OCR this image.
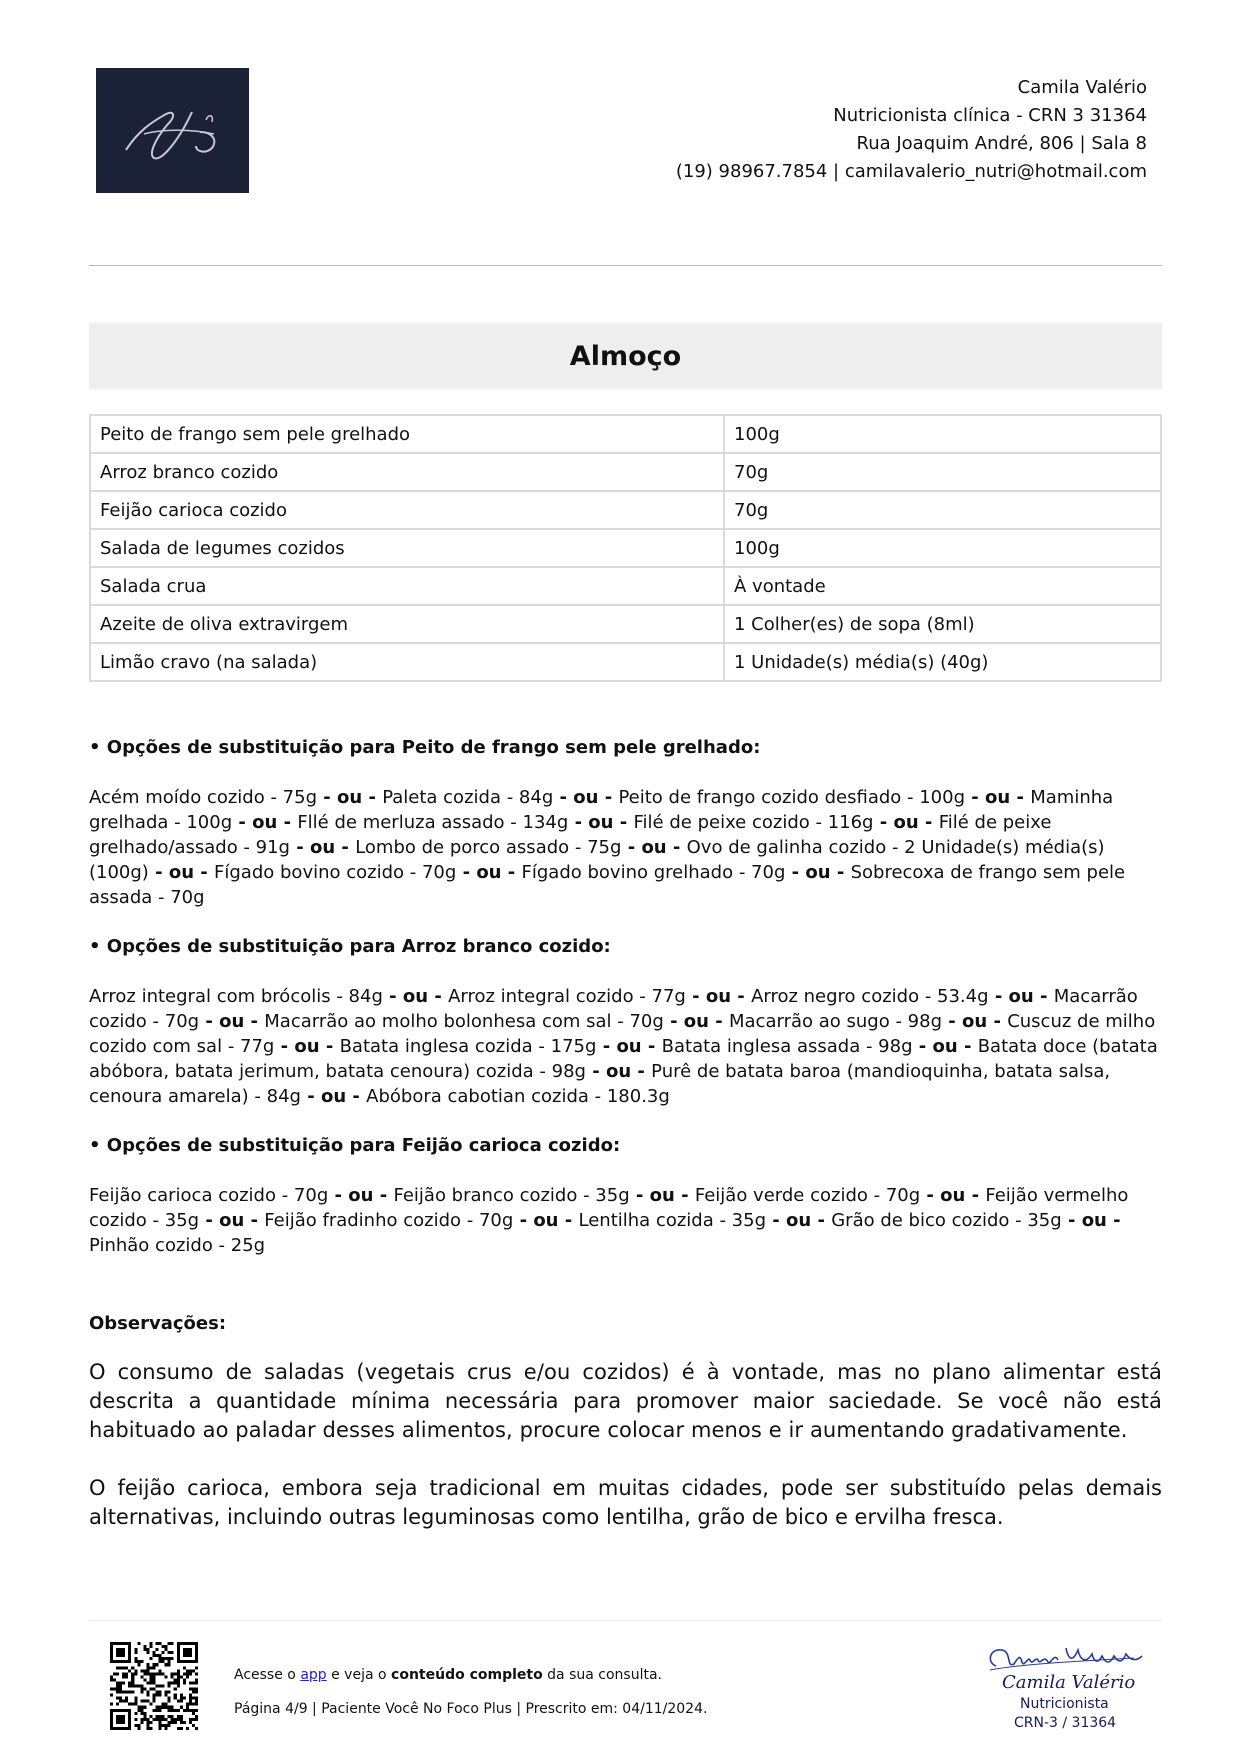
Camila Valério
Nutricionista clínica - CRN 3 31364
Rua Joaquim André, 806 | Sala 8
(19) 98967.7854 | camilavalerio_nutri@hotmail.com
Almoço
Peito de frango sem pele grelhado	100g
Arroz branco cozido	70g
Feijão carioca cozido	70g
Salada de legumes cozidos	100g
Salada crua	À vontade
Azeite de oliva extravirgem	1 Colher(es) de sopa (8ml)
Limão cravo (na salada)	1 Unidade(s) média(s) (40g)
• Opções de substituição para Peito de frango sem pele grelhado:
Acém moído cozido - 75g - ou - Paleta cozida - 84g - ou - Peito de frango cozido desfiado - 100g - ou - Maminha grelhada - 100g - ou - Fllé de merluza assado - 134g - ou - Filé de peixe cozido - 116g - ou - Filé de peixe grelhado/assado - 91g - ou - Lombo de porco assado - 75g - ou - Ovo de galinha cozido - 2 Unidade(s) média(s) (100g) - ou - Fígado bovino cozido - 70g - ou - Fígado bovino grelhado - 70g - ou - Sobrecoxa de frango sem pele assada - 70g
• Opções de substituição para Arroz branco cozido:
Arroz integral com brócolis - 84g - ou - Arroz integral cozido - 77g - ou - Arroz negro cozido - 53.4g - ou - Macarrão cozido - 70g - ou - Macarrão ao molho bolonhesa com sal - 70g - ou - Macarrão ao sugo - 98g - ou - Cuscuz de milho cozido com sal - 77g - ou - Batata inglesa cozida - 175g - ou - Batata inglesa assada - 98g - ou - Batata doce (batata abóbora, batata jerimum, batata cenoura) cozida - 98g - ou - Purê de batata baroa (mandioquinha, batata salsa, cenoura amarela) - 84g - ou - Abóbora cabotian cozida - 180.3g
• Opções de substituição para Feijão carioca cozido:
Feijão carioca cozido - 70g - ou - Feijão branco cozido - 35g - ou - Feijão verde cozido - 70g - ou - Feijão vermelho cozido - 35g - ou - Feijão fradinho cozido - 70g - ou - Lentilha cozida - 35g - ou - Grão de bico cozido - 35g - ou - Pinhão cozido - 25g
Observações:
O consumo de saladas (vegetais crus e/ou cozidos) é à vontade, mas no plano alimentar está descrita a quantidade mínima necessária para promover maior saciedade. Se você não está habituado ao paladar desses alimentos, procure colocar menos e ir aumentando gradativamente.
O feijão carioca, embora seja tradicional em muitas cidades, pode ser substituído pelas demais alternativas, incluindo outras leguminosas como lentilha, grão de bico e ervilha fresca.
Acesse o app e veja o conteúdo completo da sua consulta.
Página 4/9 | Paciente Você No Foco Plus | Prescrito em: 04/11/2024.
Camila Valério
Nutricionista
CRN-3 / 31364
